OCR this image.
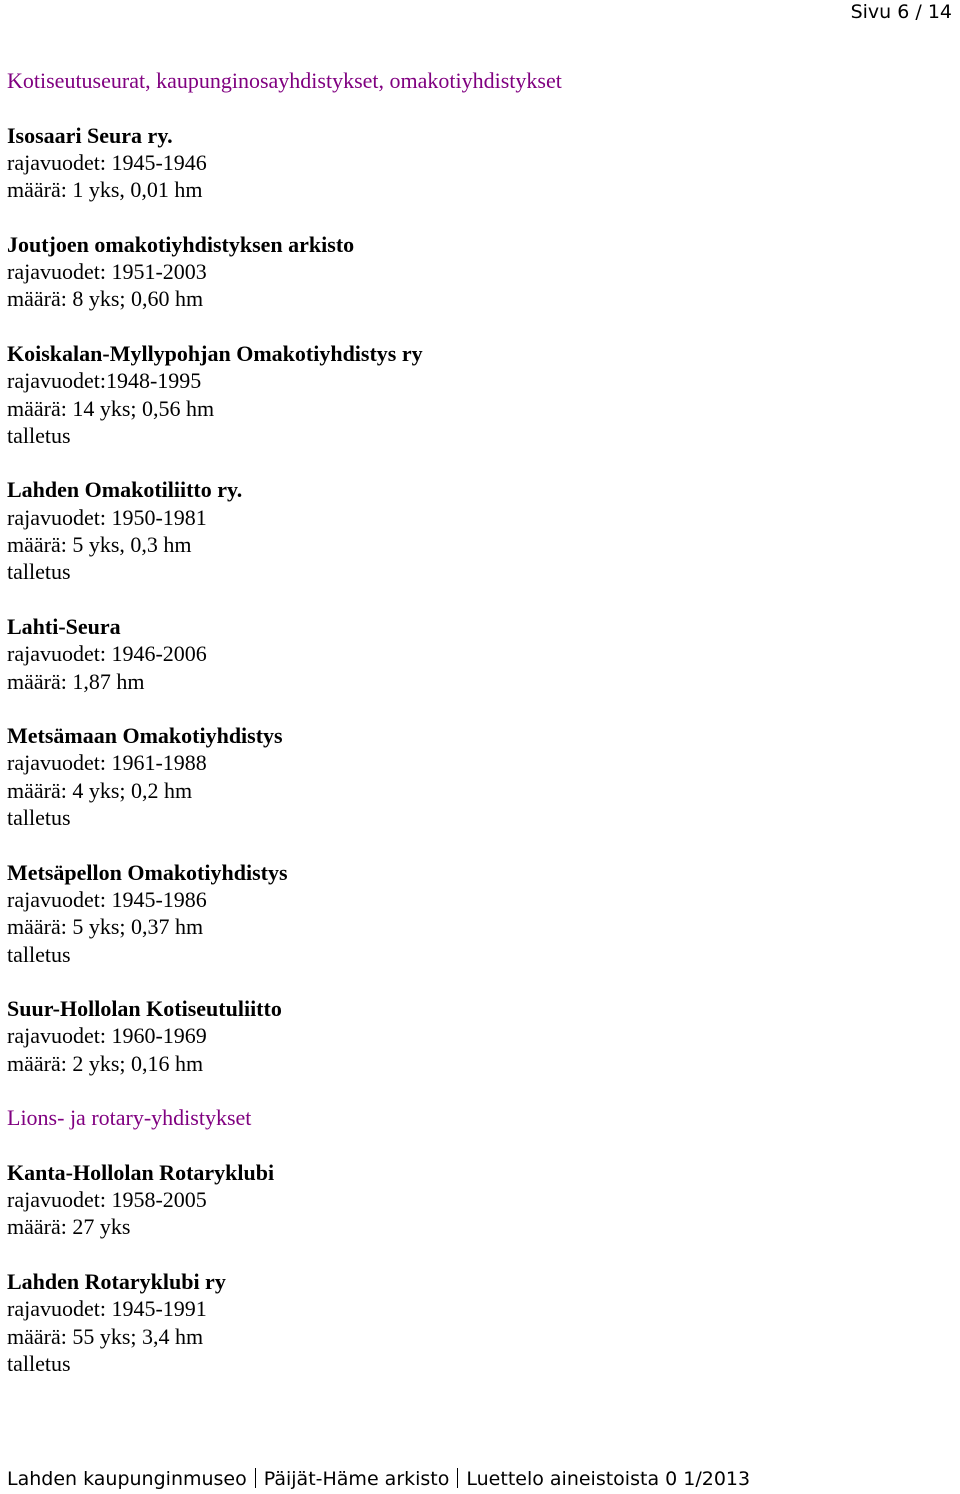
Sivu 6 / 14
Kotiseutuseurat, kaupunginosayhdistykset, omakotiyhdistykset
Isosaari Seura ry.
rajavuodet: 1945-1946
määrä: 1 yks, 0,01 hm
Joutjoen omakotiyhdistyksen arkisto
rajavuodet: 1951-2003
määrä: 8 yks; 0,60 hm
Koiskalan-Myllypohjan Omakotiyhdistys ry
rajavuodet:1948-1995
määrä: 14 yks; 0,56 hm
talletus
Lahden Omakotiliitto ry.
rajavuodet: 1950-1981
määrä: 5 yks, 0,3 hm
talletus
Lahti-Seura
rajavuodet: 1946-2006
määrä: 1,87 hm
Metsämaan Omakotiyhdistys
rajavuodet: 1961-1988
määrä: 4 yks; 0,2 hm
talletus
Metsäpellon Omakotiyhdistys
rajavuodet: 1945-1986
määrä: 5 yks; 0,37 hm
talletus
Suur-Hollolan Kotiseutuliitto
rajavuodet: 1960-1969
määrä: 2 yks; 0,16 hm
Lions- ja rotary-yhdistykset
Kanta-Hollolan Rotaryklubi
rajavuodet: 1958-2005
määrä: 27 yks
Lahden Rotaryklubi ry
rajavuodet: 1945-1991
määrä: 55 yks; 3,4 hm
talletus
Lahden kaupunginmuseo Päijät-Häme arkisto Luettelo aineistoista 0 1/2013
